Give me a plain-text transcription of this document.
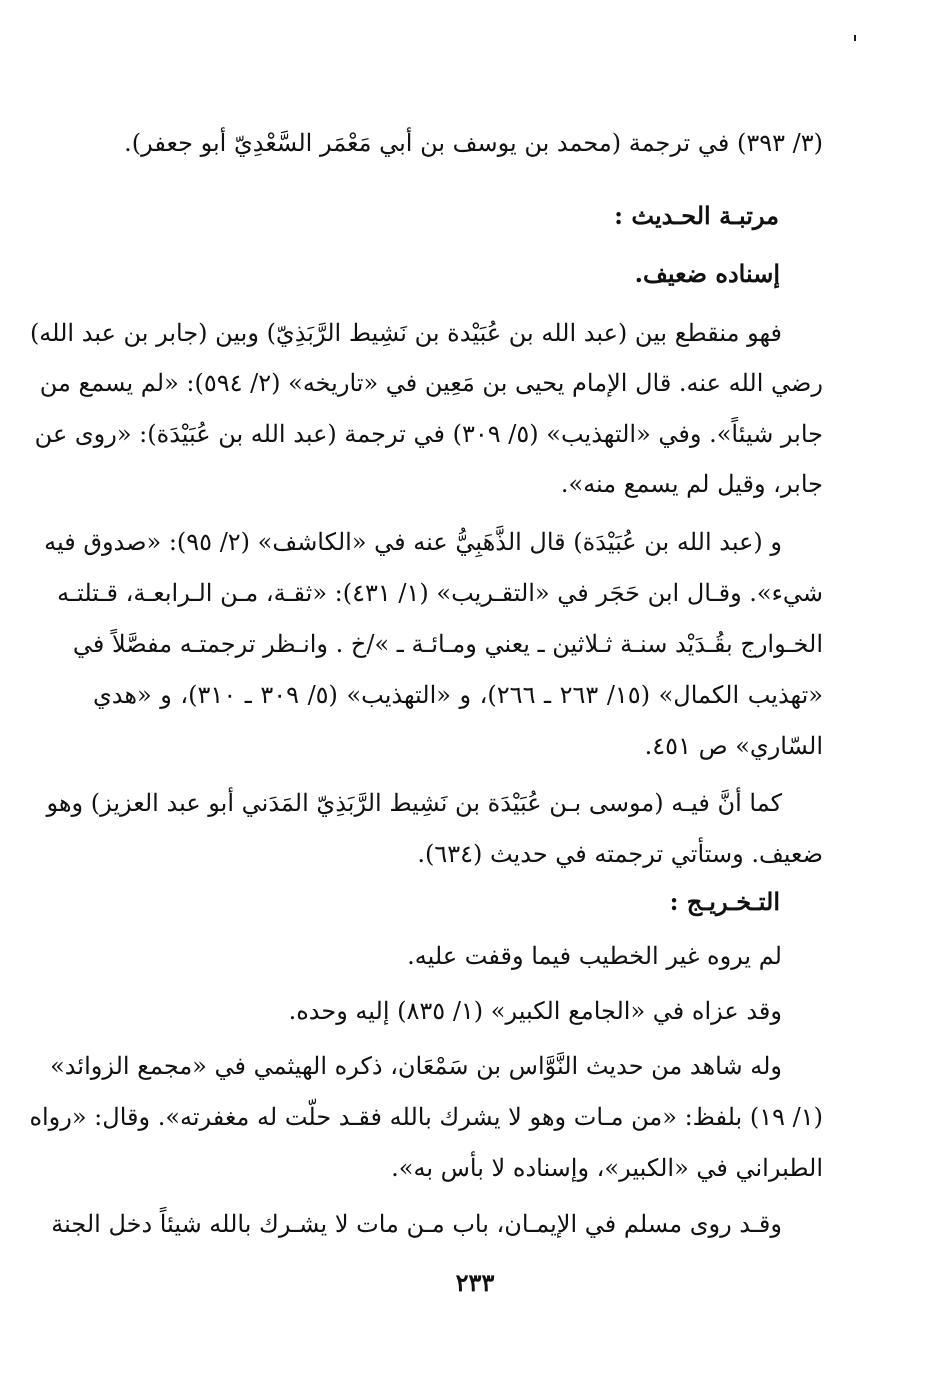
(٣/ ٣٩٣) في ترجمة (محمد بن يوسف بن أبي مَعْمَر السَّعْدِيّ أبو جعفر).
مرتبـة الحـديث :
إسناده ضعيف.
فهو منقطع بين (عبد الله بن عُبَيْدة بن نَشِيط الرَّبَذِيّ) وبين (جابر بن عبد الله)
رضي الله عنه. قال الإمام يحيى بن مَعِين في «تاريخه» (٢/ ٥٩٤): «لم يسمع من
جابر شيئاً». وفي «التهذيب» (٥/ ٣٠٩) في ترجمة (عبد الله بن عُبَيْدَة): «روى عن
جابر، وقيل لم يسمع منه».
و (عبد الله بن عُبَيْدَة) قال الذَّهَبِيُّ عنه في «الكاشف» (٢/ ٩٥): «صدوق فيه
شيء». وقـال ابن حَجَر في «التقـريب» (١/ ٤٣١): «ثقـة، مـن الـرابعـة، قـتلتـه
الخـوارج بقُـدَيْد سنـة ثـلاثين ـ يعني ومـائـة ـ »/خ . وانـظر ترجمتـه مفصَّلاً في
«تهذيب الكمال» (١٥/ ٢٦٣ ـ ٢٦٦)، و «التهذيب» (٥/ ٣٠٩ ـ ٣١٠)، و «هدي
السّاري» ص ٤٥١.
كما أنَّ فيـه (موسى بـن عُبَيْدَة بن نَشِيط الرَّبَذِيّ المَدَني أبو عبد العزيز) وهو
ضعيف. وستأتي ترجمته في حديث (٦٣٤).
التـخـريـج :
لم يروه غير الخطيب فيما وقفت عليه.
وقد عزاه في «الجامع الكبير» (١/ ٨٣٥) إليه وحده.
وله شاهد من حديث النَّوَّاس بن سَمْعَان، ذكره الهيثمي في «مجمع الزوائد»
(١/ ١٩) بلفظ: «من مـات وهو لا يشرك بالله فقـد حلّت له مغفرته». وقال: «رواه
الطبراني في «الكبير»، وإسناده لا بأس به».
وقـد روى مسلم في الإيمـان، باب مـن مات لا يشـرك بالله شيئاً دخل الجنة
٢٣٣
